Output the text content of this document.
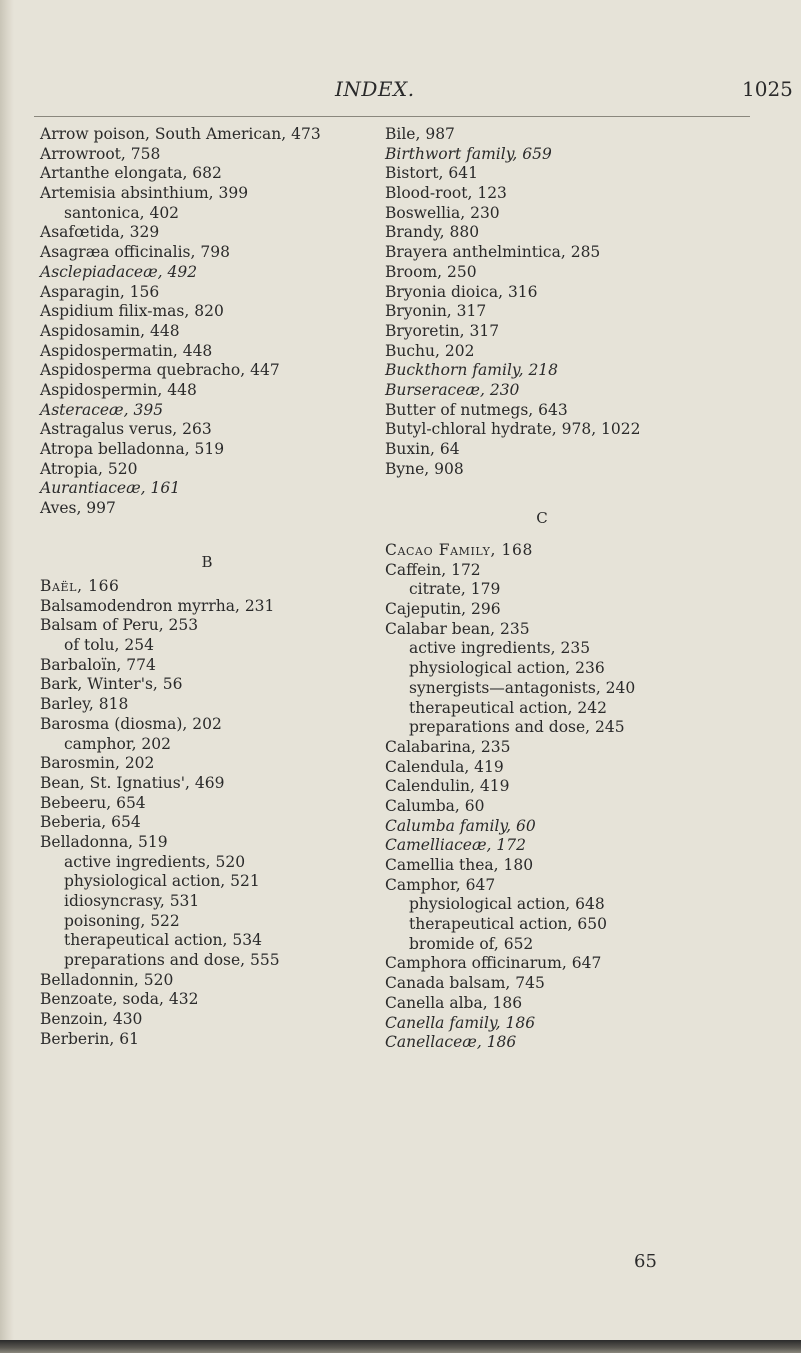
INDEX.	1025
Arrow poison, South American, 473
Arrowroot, 758
Artanthe elongata, 682
Artemisia absinthium, 399
santonica, 402
Asafœtida, 329
Asagræa officinalis, 798
Asclepiadaceæ, 492
Asparagin, 156
Aspidium filix-mas, 820
Aspidosamin, 448
Aspidospermatin, 448
Aspidosperma quebracho, 447
Aspidospermin, 448
Asteraceæ, 395
Astragalus verus, 263
Atropa belladonna, 519
Atropia, 520
Aurantiaceæ, 161
Aves, 997
B
Baël, 166
Balsamodendron myrrha, 231
Balsam of Peru, 253
of tolu, 254
Barbaloïn, 774
Bark, Winter's, 56
Barley, 818
Barosma (diosma), 202
camphor, 202
Barosmin, 202
Bean, St. Ignatius', 469
Bebeeru, 654
Beberia, 654
Belladonna, 519
active ingredients, 520
physiological action, 521
idiosyncrasy, 531
poisoning, 522
therapeutical action, 534
preparations and dose, 555
Belladonnin, 520
Benzoate, soda, 432
Benzoin, 430
Berberin, 61
Bile, 987
Birthwort family, 659
Bistort, 641
Blood-root, 123
Boswellia, 230
Brandy, 880
Brayera anthelmintica, 285
Broom, 250
Bryonia dioica, 316
Bryonin, 317
Bryoretin, 317
Buchu, 202
Buckthorn family, 218
Burseraceæ, 230
Butter of nutmegs, 643
Butyl-chloral hydrate, 978, 1022
Buxin, 64
Byne, 908
C
Cacao Family, 168
Caffein, 172
citrate, 179
Cajeputin, 296
Calabar bean, 235
active ingredients, 235
physiological action, 236
synergists—antagonists, 240
therapeutical action, 242
preparations and dose, 245
Calabarina, 235
Calendula, 419
Calendulin, 419
Calumba, 60
Calumba family, 60
Camelliaceæ, 172
Camellia thea, 180
Camphor, 647
physiological action, 648
therapeutical action, 650
bromide of, 652
Camphora officinarum, 647
Canada balsam, 745
Canella alba, 186
Canella family, 186
Canellaceæ, 186
65
